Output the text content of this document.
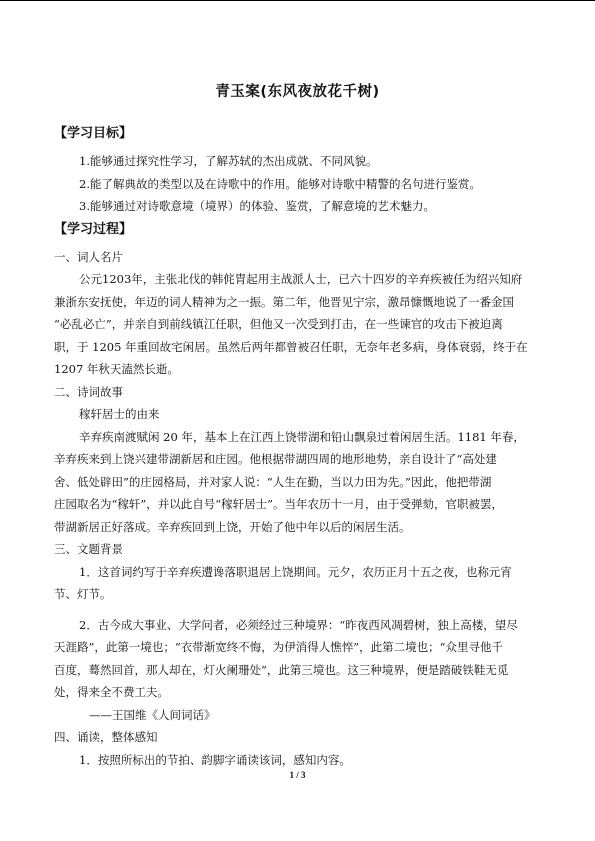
青玉案(东风夜放花千树)
【学习目标】
1.能够通过探究性学习，了解苏轼的杰出成就、不同风貌。
2.能了解典故的类型以及在诗歌中的作用。能够对诗歌中精警的名句进行鉴赏。
3.能够通过对诗歌意境（境界）的体验、鉴赏，了解意境的艺术魅力。
【学习过程】
一、词人名片
公元1203年，主张北伐的韩侂胄起用主战派人士，已六十四岁的辛弃疾被任为绍兴知府
兼浙东安抚使，年迈的词人精神为之一振。第二年，他晋见宁宗，激昂慷慨地说了一番金国
“必乱必亡”，并亲自到前线镇江任职，但他又一次受到打击，在一些谏官的攻击下被迫离
职，于 1205 年重回故宅闲居。虽然后两年都曾被召任职，无奈年老多病，身体衰弱，终于在
1207 年秋天溘然长逝。
二、诗词故事
稼轩居士的由来
辛弃疾南渡赋闲 20 年，基本上在江西上饶带湖和铅山飘泉过着闲居生活。1181 年春，
辛弃疾来到上饶兴建带湖新居和庄园。他根据带湖四周的地形地势，亲自设计了“高处建
舍、低处辟田”的庄园格局，并对家人说：“人生在勤，当以力田为先。”因此，他把带湖
庄园取名为“稼轩”，并以此自号“稼轩居士”。当年农历十一月，由于受弹劾，官职被罢，
带湖新居正好落成。辛弃疾回到上饶，开始了他中年以后的闲居生活。
三、文题背景
1．这首词约写于辛弃疾遭谗落职退居上饶期间。元夕，农历正月十五之夜，也称元宵
节、灯节。
2．古今成大事业、大学问者，必须经过三种境界：“昨夜西风凋碧树，独上高楼，望尽
天涯路”，此第一境也；“衣带渐宽终不悔，为伊消得人憔悴”，此第二境也；“众里寻他千
百度，蓦然回首，那人却在，灯火阑珊处”，此第三境也。这三种境界，便是踏破铁鞋无觅
处，得来全不费工夫。
——王国维《人间词话》
四、诵读，整体感知
1．按照所标出的节拍、韵脚字诵读该词，感知内容。
1 / 3
